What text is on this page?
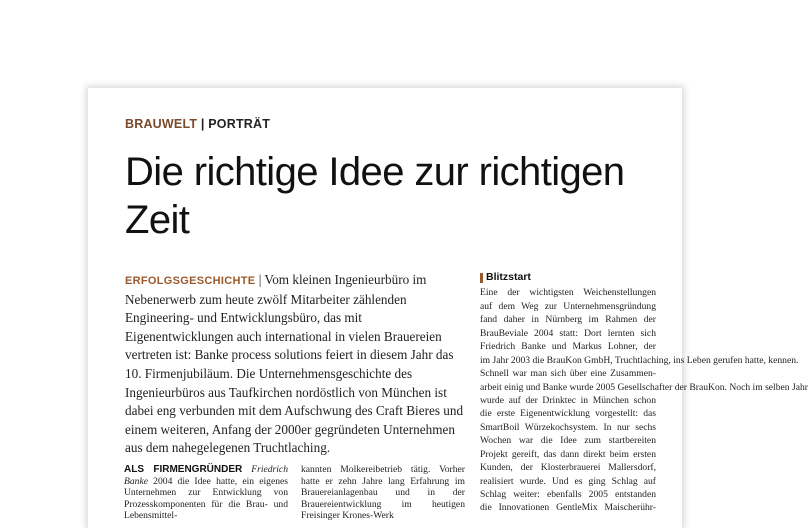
BRAUWELT | PORTRÄT
Die richtige Idee zur richtigen Zeit

ERFOLGSGESCHICHTE | Vom kleinen Ingenieurbüro im Nebenerwerb zum heute zwölf Mitarbeiter zählenden Engineering- und Entwicklungsbüro, das mit Eigenentwicklungen auch international in vielen Brauereien vertreten ist: Banke process solutions feiert in diesem Jahr das 10. Firmenjubiläum. Die Unternehmensgeschichte des Ingenieurbüros aus Taufkirchen nordöstlich von München ist dabei eng verbunden mit dem Aufschwung des Craft Bieres und einem weiteren, Anfang der 2000er gegründeten Unternehmen aus dem nahegelegenen Truchtlaching.

ALS FIRMENGRÜNDER Friedrich Banke 2004 die Idee hatte, ein eigenes Unternehmen zur Entwicklung von Prozesskomponenten für die Brau- und Lebensmittel-

kannten Molkereibetrieb tätig. Vorher hatte er zehn Jahre lang Erfahrung im Brauereianlagenbau und in der Brauereientwicklung im heutigen Freisinger Krones-Werk

Blitzstart
Eine der wichtigsten Weichenstellungen
auf dem Weg zur Unternehmensgründung
fand daher in Nürnberg im Rahmen der
BrauBeviale 2004 statt: Dort lernten sich
Friedrich Banke und Markus Lohner, der
im Jahr 2003 die BrauKon GmbH, Truchtlaching, ins Leben gerufen hatte, kennen.
Schnell war man sich über eine Zusammen-
arbeit einig und Banke wurde 2005 Gesellschafter der BrauKon. Noch im selben Jahr
wurde auf der Drinktec in München schon
die erste Eigenentwicklung vorgestellt: das
SmartBoil Würzekochsystem. In nur sechs
Wochen war die Idee zum startbereiten
Projekt gereift, das dann direkt beim ersten
Kunden, der Klosterbrauerei Mallersdorf,
realisiert wurde. Und es ging Schlag auf
Schlag weiter: ebenfalls 2005 entstanden
die Innovationen GentleMix Maischerühr-
